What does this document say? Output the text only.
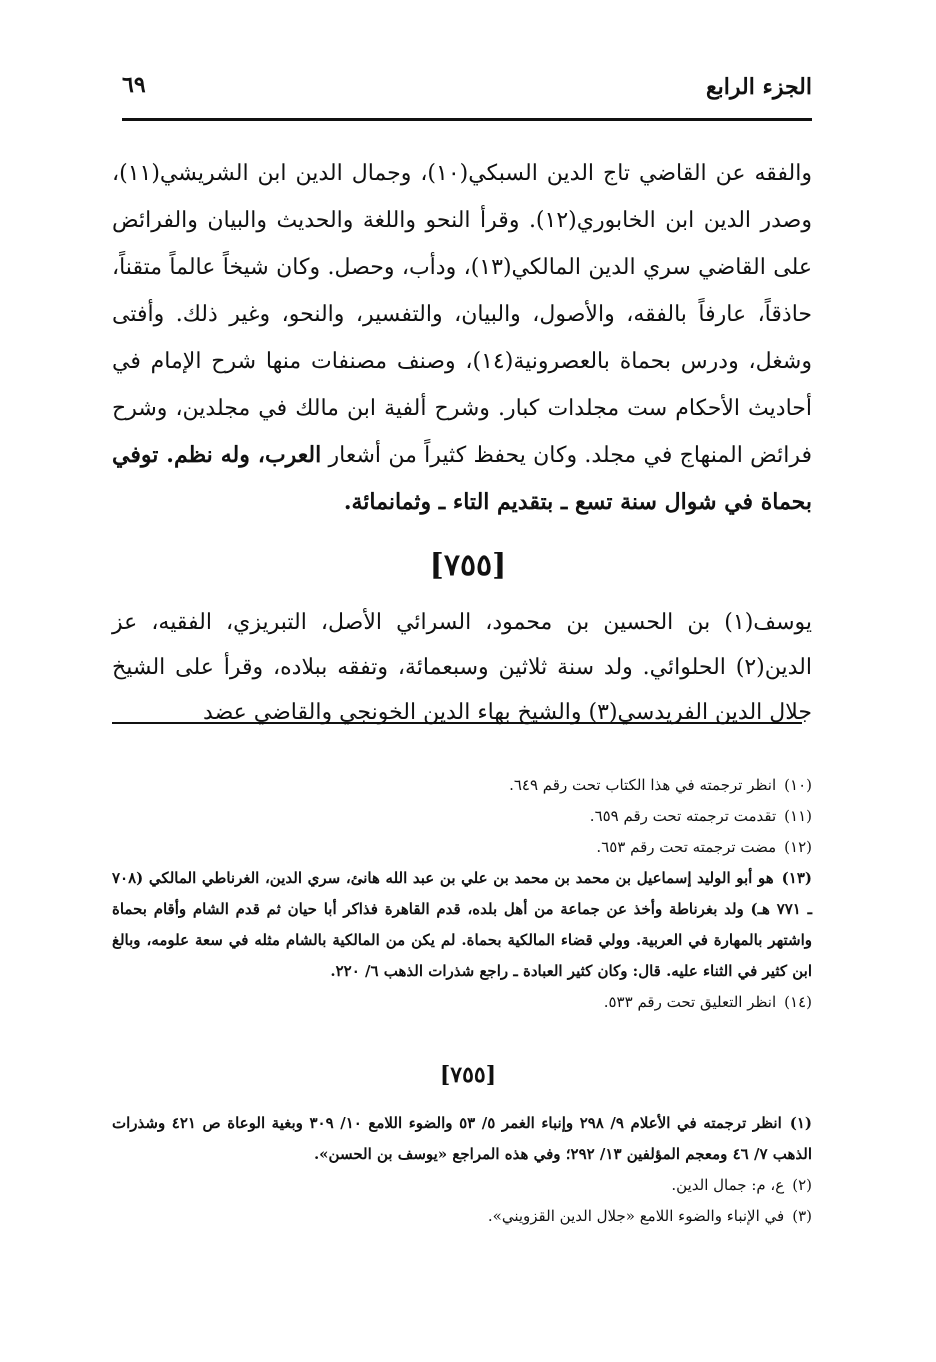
الجزء الرابع
٦٩

والفقه عن القاضي تاج الدين السبكي(١٠)، وجمال الدين ابن الشريشي(١١)، وصدر الدين ابن الخابوري(١٢). وقرأ النحو واللغة والحديث والبيان والفرائض على القاضي سري الدين المالكي(١٣)، ودأب، وحصل. وكان شيخاً عالماً متقناً، حاذقاً، عارفاً بالفقه، والأصول، والبيان، والتفسير، والنحو، وغير ذلك. وأفتى وشغل، ودرس بحماة بالعصرونية(١٤)، وصنف مصنفات منها شرح الإمام في أحاديث الأحكام ست مجلدات كبار. وشرح ألفية ابن مالك في مجلدين، وشرح فرائض المنهاج في مجلد. وكان يحفظ كثيراً من أشعار العرب، وله نظم. توفي بحماة في شوال سنة تسع ـ بتقديم التاء ـ وثمانمائة.

[٧٥٥]

يوسف(١) بن الحسين بن محمود، السرائي الأصل، التبريزي، الفقيه، عز الدين(٢) الحلوائي. ولد سنة ثلاثين وسبعمائة، وتفقه ببلاده، وقرأ على الشيخ جلال الدين الفريدسي(٣) والشيخ بهاء الدين الخونجي والقاضي عضد

(١٠)انظر ترجمته في هذا الكتاب تحت رقم ٦٤٩.

(١١)تقدمت ترجمته تحت رقم ٦٥٩.

(١٢)مضت ترجمته تحت رقم ٦٥٣.

(١٣)هو أبو الوليد إسماعيل بن محمد بن محمد بن علي بن عبد الله هانئ، سري الدين، الغرناطي المالكي (٧٠٨ ـ ٧٧١ هـ) ولد بغرناطة وأخذ عن جماعة من أهل بلده، قدم القاهرة فذاكر أبا حيان ثم قدم الشام وأقام بحماة واشتهر بالمهارة في العربية. وولي قضاء المالكية بحماة. لم يكن من المالكية بالشام مثله في سعة علومه، وبالغ ابن كثير في الثناء عليه. قال: وكان كثير العبادة ـ راجع شذرات الذهب ٦/ ٢٢٠.

(١٤)انظر التعليق تحت رقم ٥٣٣.

[٧٥٥]

(١)انظر ترجمته في الأعلام ٩/ ٢٩٨ وإنباء الغمر ٥/ ٥٣ والضوء اللامع ١٠/ ٣٠٩ وبغية الوعاة ص ٤٢١ وشذرات الذهب ٧/ ٤٦ ومعجم المؤلفين ١٣/ ٢٩٢؛ وفي هذه المراجع «يوسف بن الحسن».

(٢)ع، م: جمال الدين.

(٣)في الإنباء والضوء اللامع «جلال الدين القزويني».
